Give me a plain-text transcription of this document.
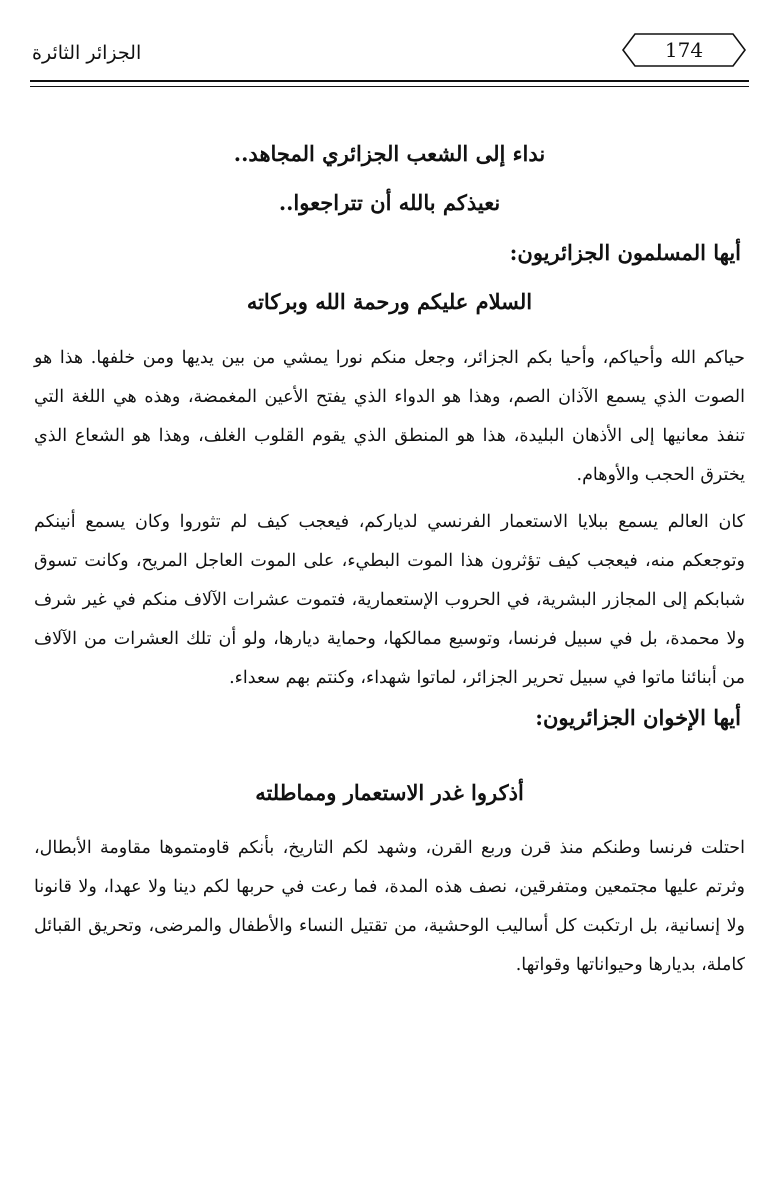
الجزائر الثائرة	174
نداء إلى الشعب الجزائري المجاهد..
نعيذكم بالله أن تتراجعوا..
أيها المسلمون الجزائريون:
السلام عليكم ورحمة الله وبركاته

حياكم الله وأحياكم، وأحيا بكم الجزائر، وجعل منكم نورا يمشي من بين يديها ومن خلفها. هذا هو الصوت الذي يسمع الآذان الصم، وهذا هو الدواء الذي يفتح الأعين المغمضة، وهذه هي اللغة التي تنفذ معانيها إلى الأذهان البليدة، هذا هو المنطق الذي يقوم القلوب الغلف، وهذا هو الشعاع الذي يخترق الحجب والأوهام.

كان العالم يسمع ببلايا الاستعمار الفرنسي لدياركم، فيعجب كيف لم تثوروا وكان يسمع أنينكم وتوجعكم منه، فيعجب كيف تؤثرون هذا الموت البطيء، على الموت العاجل المريح، وكانت تسوق شبابكم إلى المجازر البشرية، في الحروب الإستعمارية، فتموت عشرات الآلاف منكم في غير شرف ولا محمدة، بل في سبيل فرنسا، وتوسيع ممالكها، وحماية ديارها، ولو أن تلك العشرات من الآلاف من أبنائنا ماتوا في سبيل تحرير الجزائر، لماتوا شهداء، وكنتم بهم سعداء.

أيها الإخوان الجزائريون:
أذكروا غدر الاستعمار ومماطلته

احتلت فرنسا وطنكم منذ قرن وربع القرن، وشهد لكم التاريخ، بأنكم قاومتموها مقاومة الأبطال، وثرتم عليها مجتمعين ومتفرقين، نصف هذه المدة، فما رعت في حربها لكم دينا ولا عهدا، ولا قانونا ولا إنسانية، بل ارتكبت كل أساليب الوحشية، من تقتيل النساء والأطفال والمرضى، وتحريق القبائل كاملة، بديارها وحيواناتها وقواتها.
